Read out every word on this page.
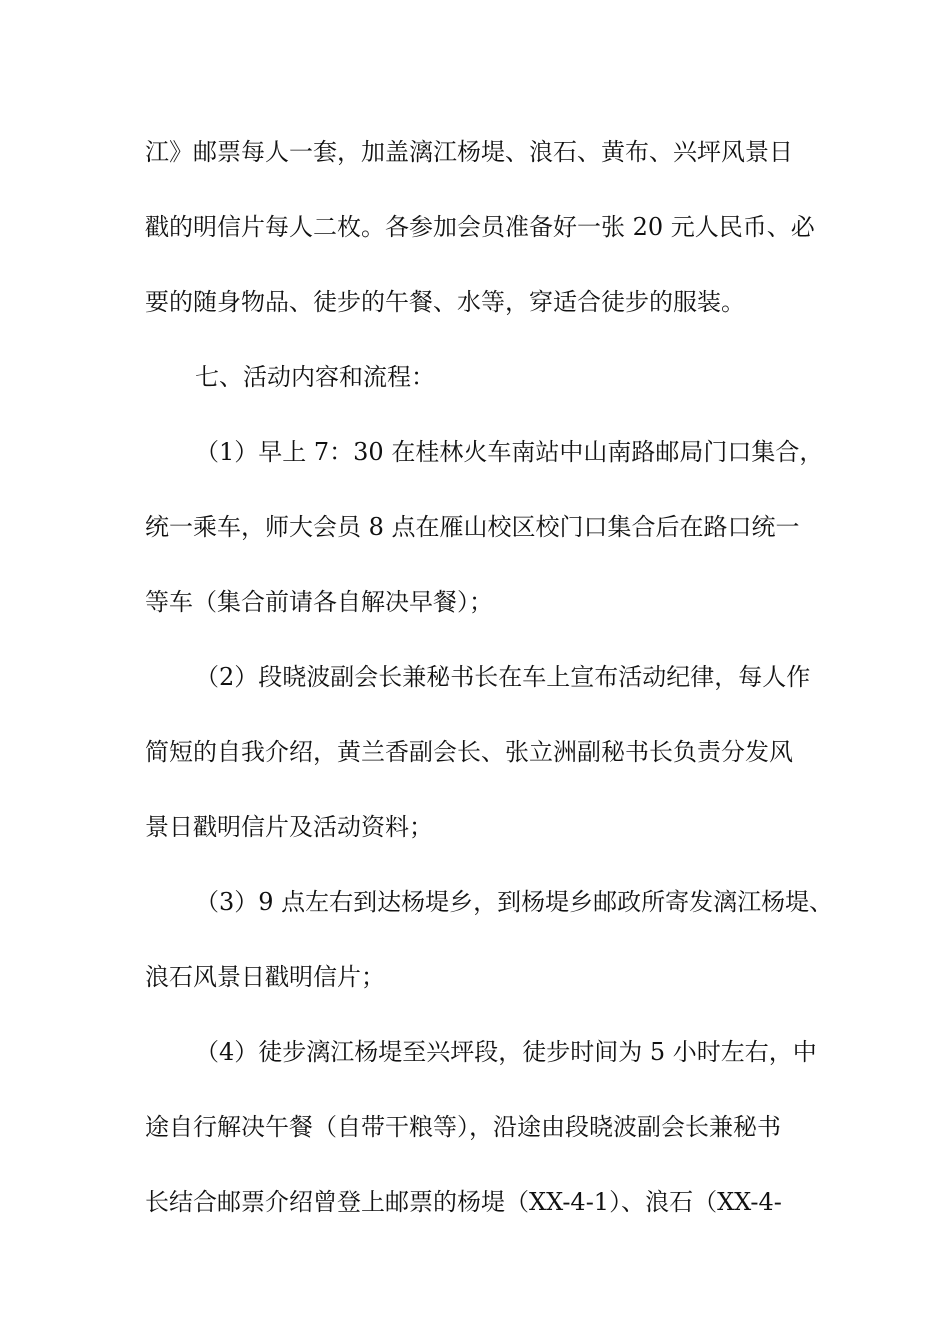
江》邮票每人一套，加盖漓江杨堤、浪石、黄布、兴坪风景日
戳的明信片每人二枚。各参加会员准备好一张 20 元人民币、必
要的随身物品、徒步的午餐、水等，穿适合徒步的服装。
七、活动内容和流程：
（1）早上 7：30 在桂林火车南站中山南路邮局门口集合，
统一乘车，师大会员 8 点在雁山校区校门口集合后在路口统一
等车（集合前请各自解决早餐）；
（2）段晓波副会长兼秘书长在车上宣布活动纪律，每人作
简短的自我介绍，黄兰香副会长、张立洲副秘书长负责分发风
景日戳明信片及活动资料；
（3）9 点左右到达杨堤乡，到杨堤乡邮政所寄发漓江杨堤、
浪石风景日戳明信片；
（4）徒步漓江杨堤至兴坪段，徒步时间为 5 小时左右，中
途自行解决午餐（自带干粮等），沿途由段晓波副会长兼秘书
长结合邮票介绍曾登上邮票的杨堤（XX-4-1）、浪石（XX-4-
